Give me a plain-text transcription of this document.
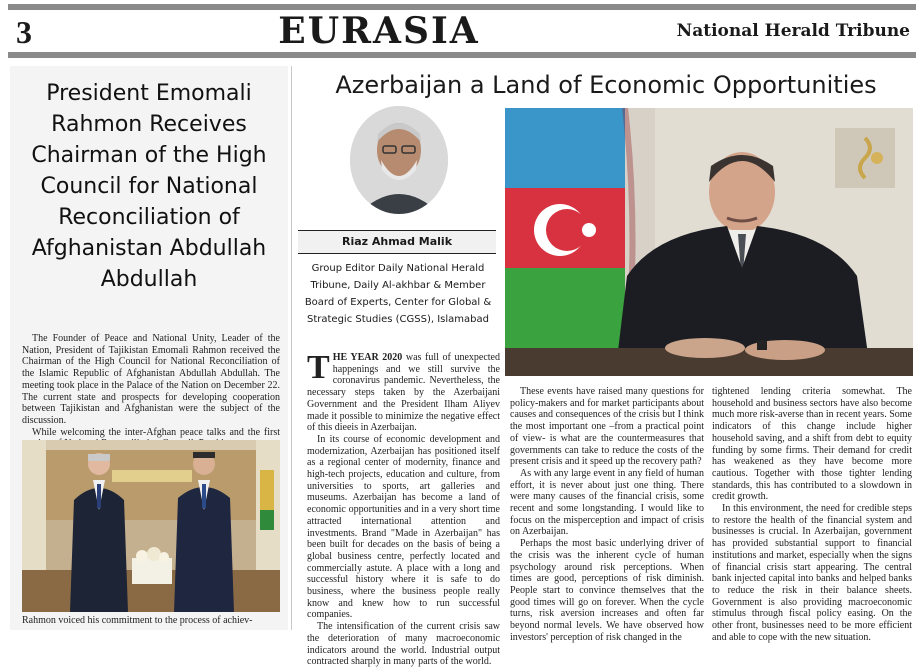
3	EURASIA	National Herald Tribune
President Emomali Rahmon Receives Chairman of the High Council for National Reconciliation of Afghanistan Abdullah Abdullah

The Founder of Peace and National Unity, Leader of the Nation, President of Tajikistan Emomali Rahmon received the Chairman of the High Council for National Reconciliation of the Islamic Republic of Afghanistan Abdullah Abdullah. The meeting took place in the Palace of the Nation on December 22. The current state and prospects for developing cooperation between Tajikistan and Afghanistan were the subject of the discussion.

While welcoming the inter-Afghan peace talks and the first

Rahmon voiced his commitment to the process of achiev-
Azerbaijan a Land of Economic Opportunities
Riaz Ahmad Malik
Group Editor Daily National Herald Tribune, Daily Al-akhbar & Member Board of Experts, Center for Global & Strategic Studies (CGSS), Islamabad

THE YEAR 2020 was full of unexpected happenings and we still survive the coronavirus pandemic. Nevertheless, the necessary steps taken by the Azerbaijani Government and the President Ilham Aliyev made it possible to minimize the negative effect of this dieeis in Azerbaijan.

In its course of economic development and modernization, Azerbaijan has positioned itself as a regional center of modernity, finance and high-tech projects, education and culture, from universities to sports, art galleries and museums. Azerbaijan has become a land of economic opportunities and in a very short time attracted international attention and investments. Brand "Made in Azerbaijan" has been built for decades on the basis of being a global business centre, perfectly located and commercially astute. A place with a long and successful history where it is safe to do business, where the business people really know and knew how to run successful companies.

The intensification of the current crisis saw the deterioration of many macroeconomic indicators around the world. Industrial output contracted sharply in many parts of the world.

These events have raised many questions for policy-makers and for market participants about causes and consequences of the crisis but I think the most important one –from a practical point of view- is what are the countermeasures that governments can take to reduce the costs of the present crisis and it speed up the recovery path?

As with any large event in any field of human effort, it is never about just one thing. There were many causes of the financial crisis, some recent and some longstanding. I would like to focus on the misperception and impact of crisis on Azerbaijan.

Perhaps the most basic underlying driver of the crisis was the inherent cycle of human psychology around risk perceptions. When times are good, perceptions of risk diminish. People start to convince themselves that the good times will go on forever. When the cycle turns, risk aversion increases and often far beyond normal levels. We have observed how investors' perception of risk changed in the

tightened lending criteria somewhat. The household and business sectors have also become much more risk-averse than in recent years. Some indicators of this change include higher household saving, and a shift from debt to equity funding by some firms. Their demand for credit has weakened as they have become more cautious. Together with those tighter lending standards, this has contributed to a slowdown in credit growth.

In this environment, the need for credible steps to restore the health of the financial system and businesses is crucial. In Azerbaijan, government has provided substantial support to financial institutions and market, especially when the signs of financial crisis start appearing. The central bank injected capital into banks and helped banks to reduce the risk in their balance sheets. Government is also providing macroeconomic stimulus through fiscal policy easing. On the other front, businesses need to be more efficient and able to cope with the new situation.
